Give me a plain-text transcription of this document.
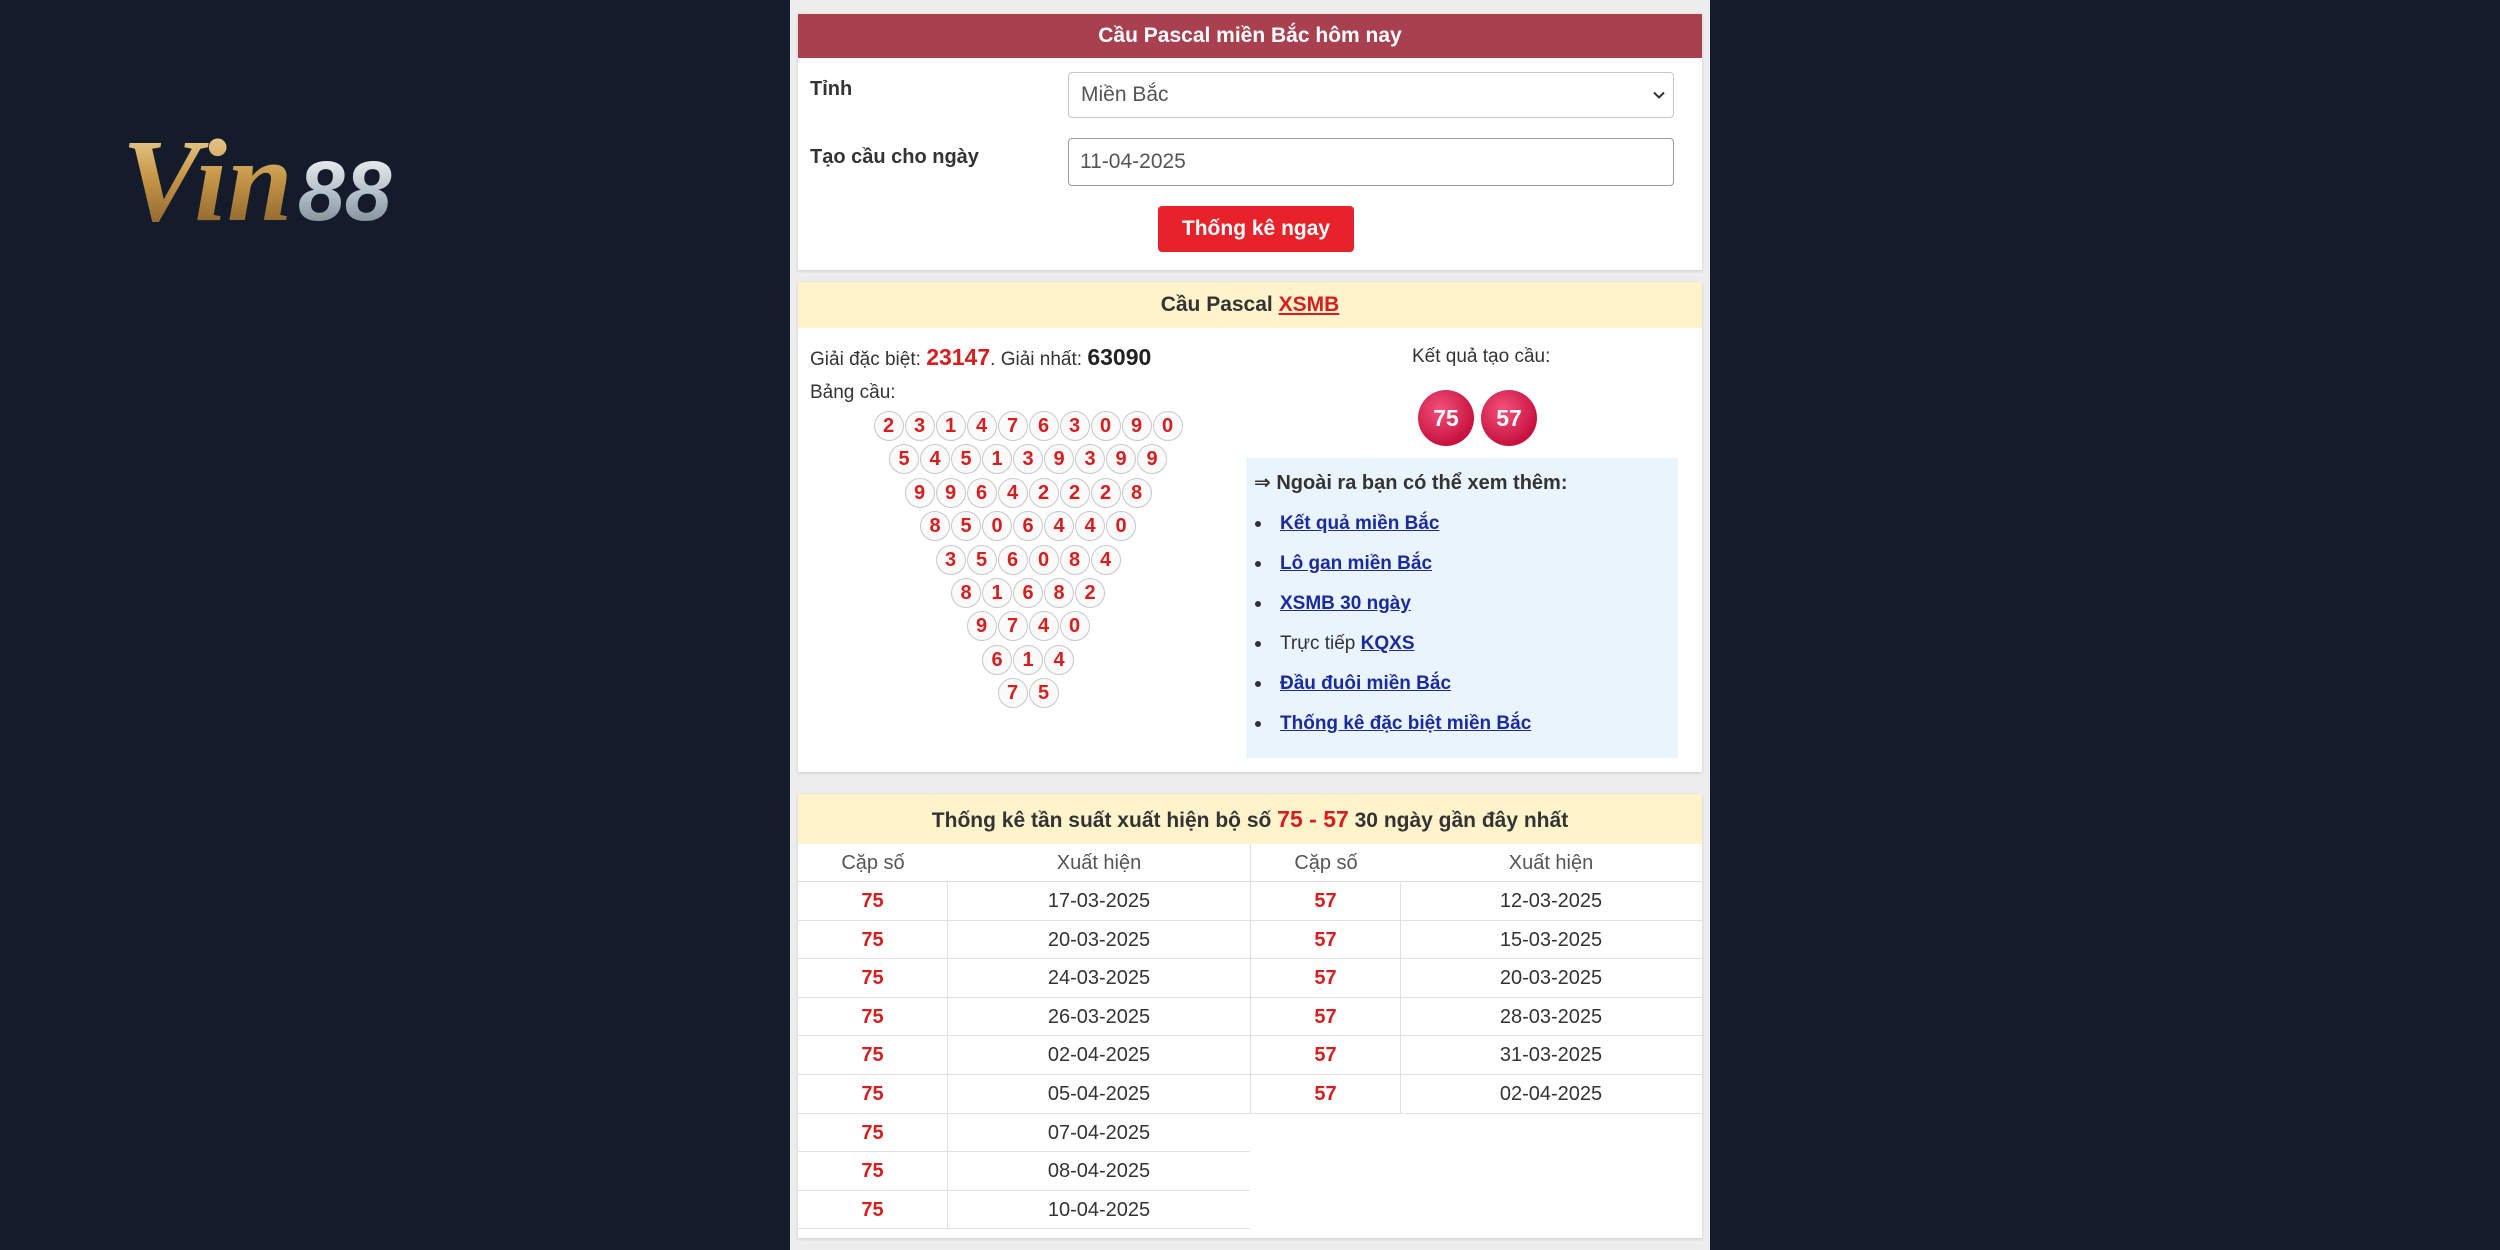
Vin 88
Cầu Pascal miền Bắc hôm nay
Tỉnh	Miền Bắc
Tạo cầu cho ngày	11-04-2025
Thống kê ngay
Cầu Pascal XSMB
Giải đặc biệt: 23147. Giải nhất: 63090
Bảng cầu:
2 3 1 4 7 6 3 0 9 0
5 4 5 1 3 9 3 9 9
9 9 6 4 2 2 2 8
8 5 0 6 4 4 0
3 5 6 0 8 4
8 1 6 8 2
9 7 4 0
6 1 4
7 5
Kết quả tạo cầu:
75	57
⇒ Ngoài ra bạn có thể xem thêm:
Kết quả miền Bắc
Lô gan miền Bắc
XSMB 30 ngày
Trực tiếp KQXS
Đầu đuôi miền Bắc
Thống kê đặc biệt miền Bắc
Thống kê tần suất xuất hiện bộ số 75 - 57 30 ngày gần đây nhất
Cặp số	Xuất hiện
75	17-03-2025
75	20-03-2025
75	24-03-2025
75	26-03-2025
75	02-04-2025
75	05-04-2025
75	07-04-2025
75	08-04-2025
75	10-04-2025
Cặp số	Xuất hiện
57	12-03-2025
57	15-03-2025
57	20-03-2025
57	28-03-2025
57	31-03-2025
57	02-04-2025
